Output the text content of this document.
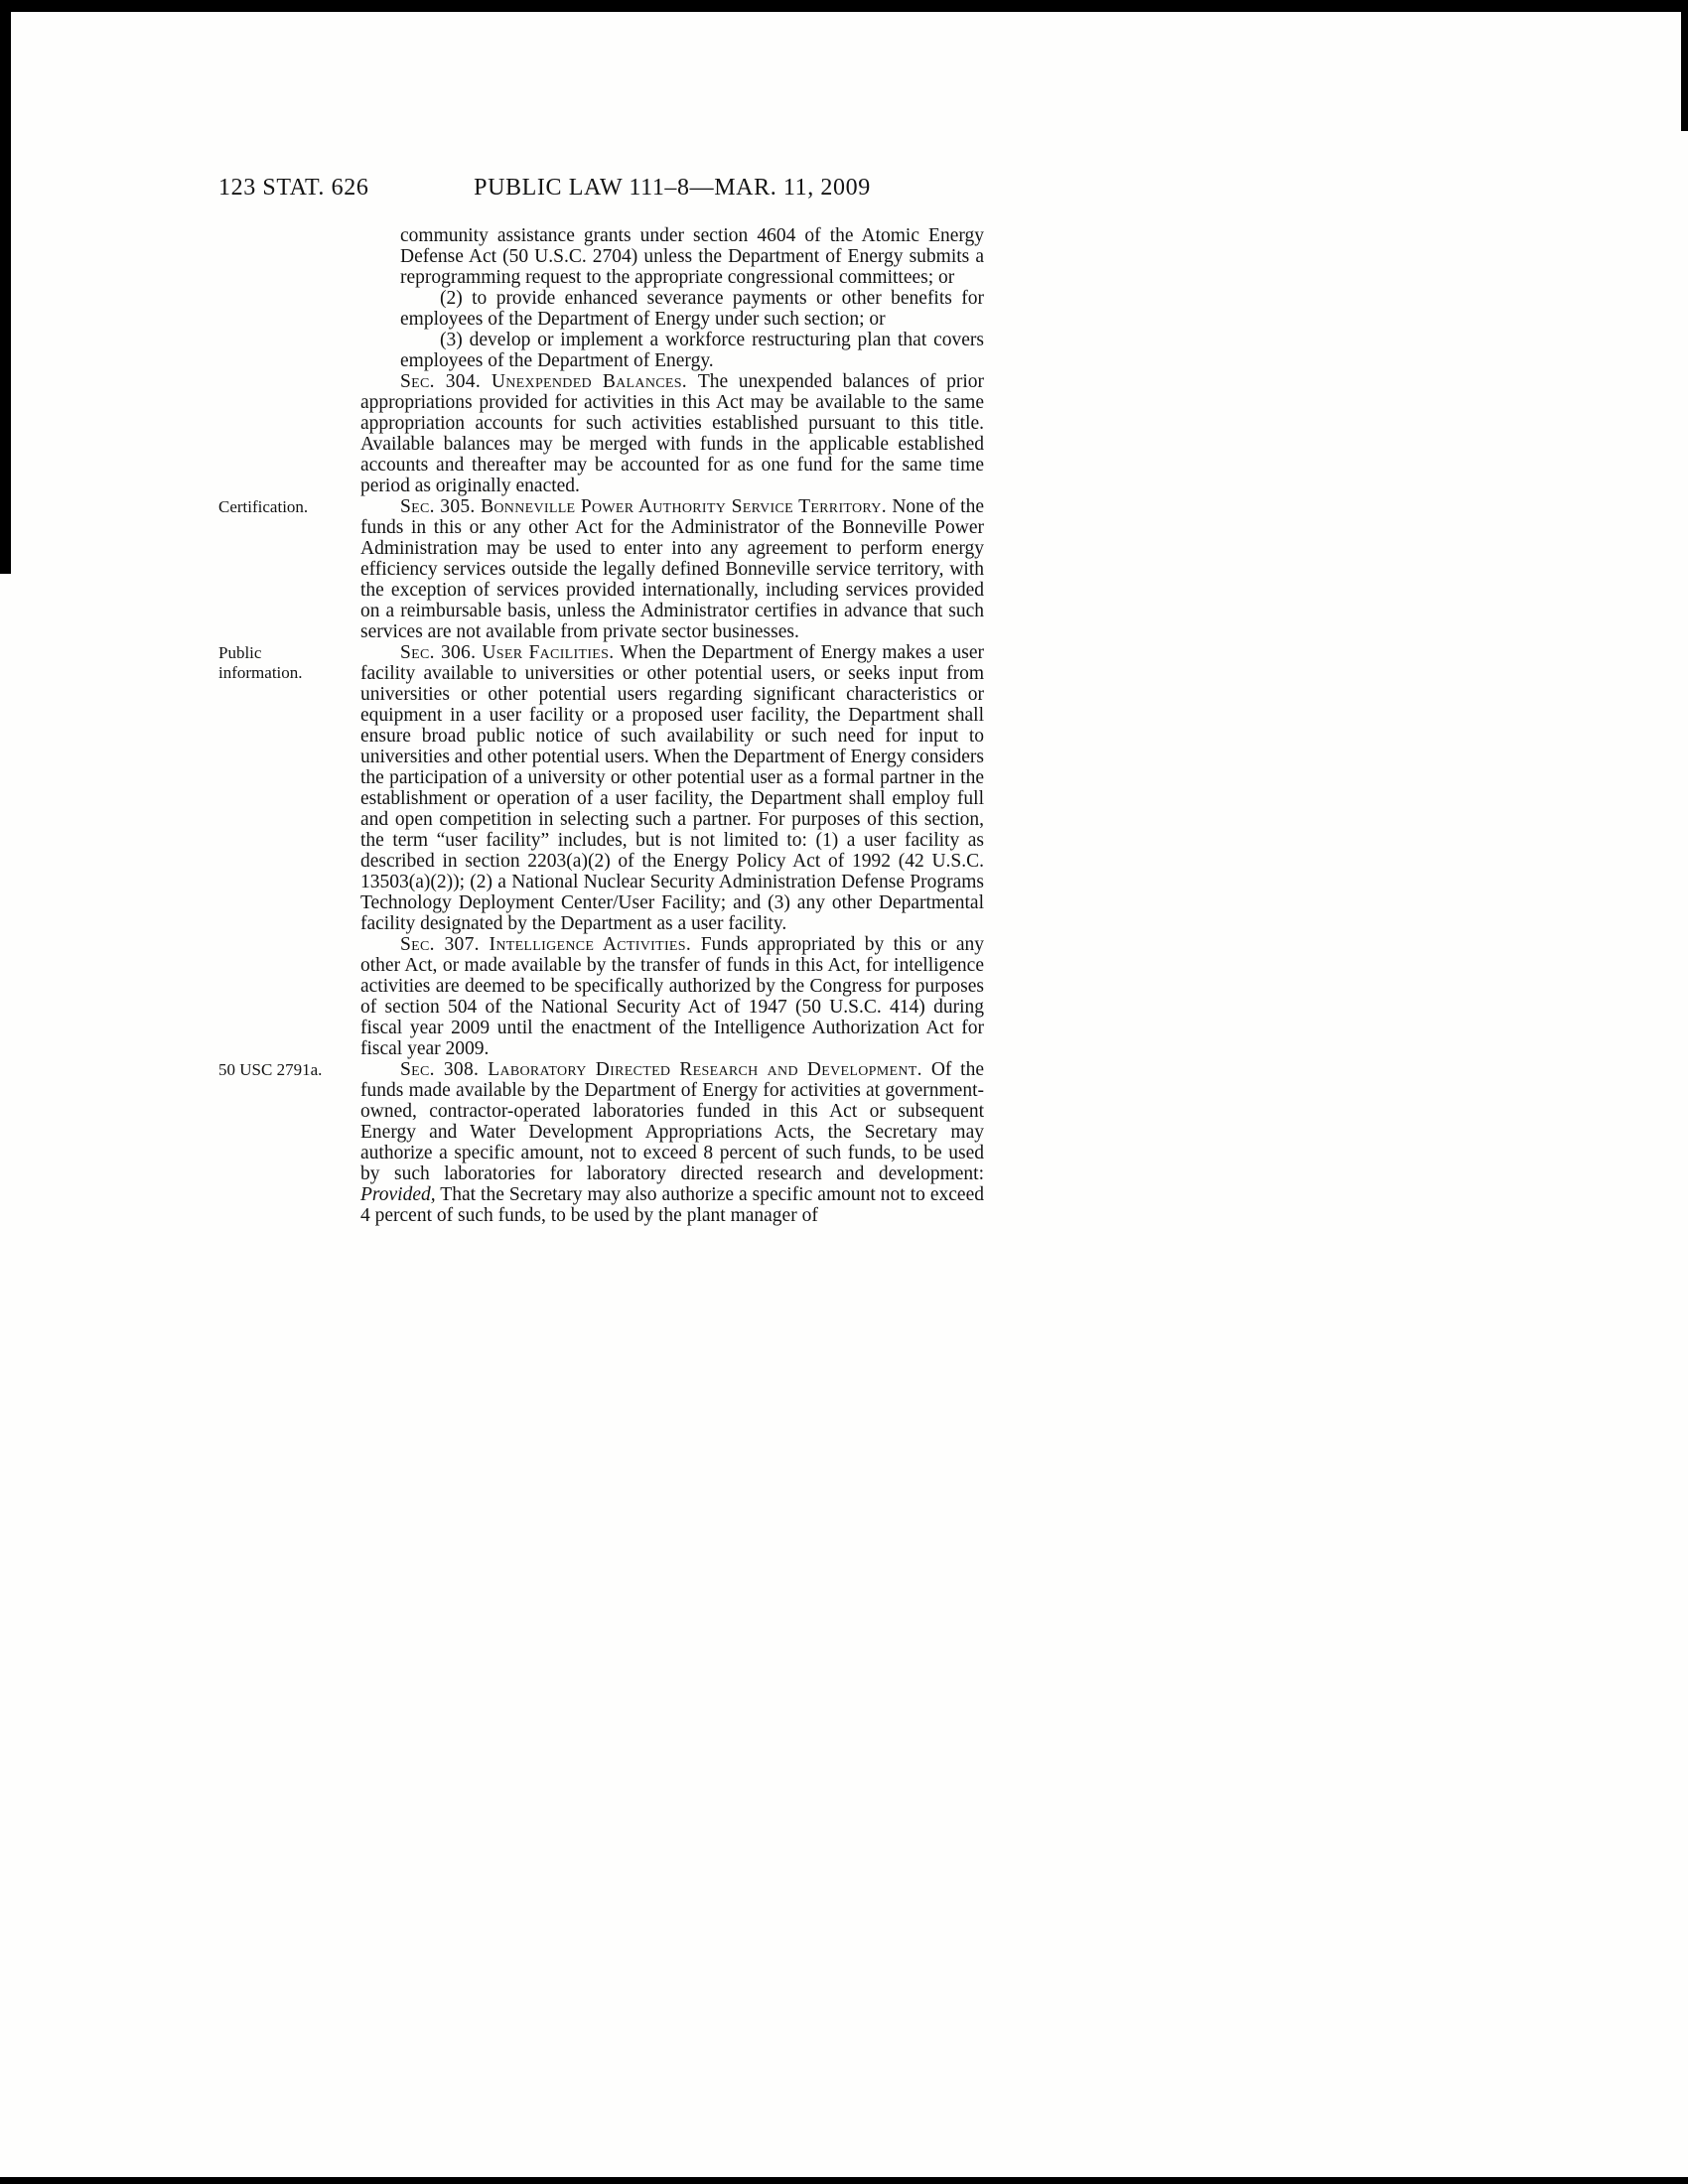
123 STAT. 626	PUBLIC LAW 111–8—MAR. 11, 2009

community assistance grants under section 4604 of the Atomic Energy Defense Act (50 U.S.C. 2704) unless the Department of Energy submits a reprogramming request to the appropriate congressional committees; or

(2) to provide enhanced severance payments or other benefits for employees of the Department of Energy under such section; or

(3) develop or implement a workforce restructuring plan that covers employees of the Department of Energy.

Sec. 304. Unexpended Balances. The unexpended balances of prior appropriations provided for activities in this Act may be available to the same appropriation accounts for such activities established pursuant to this title. Available balances may be merged with funds in the applicable established accounts and thereafter may be accounted for as one fund for the same time period as originally enacted.

Certification.	Sec. 305. Bonneville Power Authority Service Territory. None of the funds in this or any other Act for the Administrator of the Bonneville Power Administration may be used to enter into any agreement to perform energy efficiency services outside the legally defined Bonneville service territory, with the exception of services provided internationally, including services provided on a reimbursable basis, unless the Administrator certifies in advance that such services are not available from private sector businesses.

Public information.
Sec. 306. User Facilities. When the Department of Energy makes a user facility available to universities or other potential users, or seeks input from universities or other potential users regarding significant characteristics or equipment in a user facility or a proposed user facility, the Department shall ensure broad public notice of such availability or such need for input to universities and other potential users. When the Department of Energy considers the participation of a university or other potential user as a formal partner in the establishment or operation of a user facility, the Department shall employ full and open competition in selecting such a partner. For purposes of this section, the term “user facility” includes, but is not limited to: (1) a user facility as described in section 2203(a)(2) of the Energy Policy Act of 1992 (42 U.S.C. 13503(a)(2)); (2) a National Nuclear Security Administration Defense Programs Technology Deployment Center/User Facility; and (3) any other Departmental facility designated by the Department as a user facility.

Sec. 307. Intelligence Activities. Funds appropriated by this or any other Act, or made available by the transfer of funds in this Act, for intelligence activities are deemed to be specifically authorized by the Congress for purposes of section 504 of the National Security Act of 1947 (50 U.S.C. 414) during fiscal year 2009 until the enactment of the Intelligence Authorization Act for fiscal year 2009.

50 USC 2791a.	Sec. 308. Laboratory Directed Research and Development. Of the funds made available by the Department of Energy for activities at government-owned, contractor-operated laboratories funded in this Act or subsequent Energy and Water Development Appropriations Acts, the Secretary may authorize a specific amount, not to exceed 8 percent of such funds, to be used by such laboratories for laboratory directed research and development: Provided, That the Secretary may also authorize a specific amount not to exceed 4 percent of such funds, to be used by the plant manager of
